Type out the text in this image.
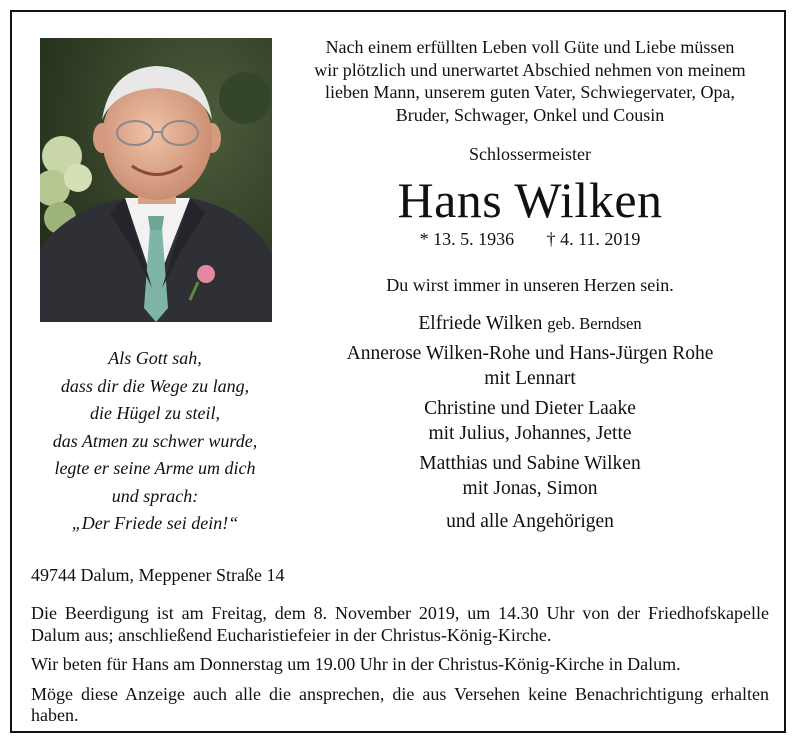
Nach einem erfüllten Leben voll Güte und Liebe müssen
wir plötzlich und unerwartet Abschied nehmen von meinem
lieben Mann, unserem guten Vater, Schwiegervater, Opa,
Bruder, Schwager, Onkel und Cousin
Schlossermeister
Hans Wilken
* 13. 5. 1936 † 4. 11. 2019
Du wirst immer in unseren Herzen sein.
Elfriede Wilken geb. Berndsen
Annerose Wilken-Rohe und Hans-Jürgen Rohe
mit Lennart
Christine und Dieter Laake
mit Julius, Johannes, Jette
Matthias und Sabine Wilken
mit Jonas, Simon
und alle Angehörigen
Als Gott sah,
dass dir die Wege zu lang,
die Hügel zu steil,
das Atmen zu schwer wurde,
legte er seine Arme um dich
und sprach:
„Der Friede sei dein!“
49744 Dalum, Meppener Straße 14

Die Beerdigung ist am Freitag, dem 8. November 2019, um 14.30 Uhr von der Friedhofskapelle Dalum aus; anschließend Eucharistiefeier in der Christus-König-Kirche.

Wir beten für Hans am Donnerstag um 19.00 Uhr in der Christus-König-Kirche in Dalum.

Möge diese Anzeige auch alle die ansprechen, die aus Versehen keine Benachrichtigung erhalten haben.
